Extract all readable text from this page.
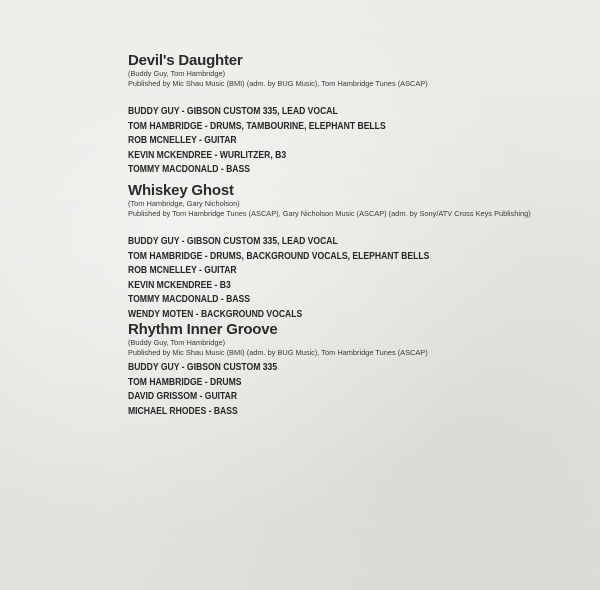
Devil's Daughter
(Buddy Guy, Tom Hambridge)
Published by Mic Shau Music (BMI) (adm. by BUG Music), Tom Hambridge Tunes (ASCAP)
BUDDY GUY - GIBSON CUSTOM 335, LEAD VOCAL
TOM HAMBRIDGE - DRUMS, TAMBOURINE, ELEPHANT BELLS
ROB MCNELLEY - GUITAR
KEVIN MCKENDREE - WURLITZER, B3
TOMMY MACDONALD - BASS
Whiskey Ghost
(Tom Hambridge, Gary Nicholson)
Published by Tom Hambridge Tunes (ASCAP), Gary Nicholson Music (ASCAP) (adm. by Sony/ATV Cross Keys Publishing)
BUDDY GUY - GIBSON CUSTOM 335, LEAD VOCAL
TOM HAMBRIDGE - DRUMS, BACKGROUND VOCALS, ELEPHANT BELLS
ROB MCNELLEY - GUITAR
KEVIN MCKENDREE - B3
TOMMY MACDONALD - BASS
WENDY MOTEN - BACKGROUND VOCALS
Rhythm Inner Groove
(Buddy Guy, Tom Hambridge)
Published by Mic Shau Music (BMI) (adm. by BUG Music), Tom Hambridge Tunes (ASCAP)
BUDDY GUY - GIBSON CUSTOM 335
TOM HAMBRIDGE - DRUMS
DAVID GRISSOM - GUITAR
MICHAEL RHODES - BASS
